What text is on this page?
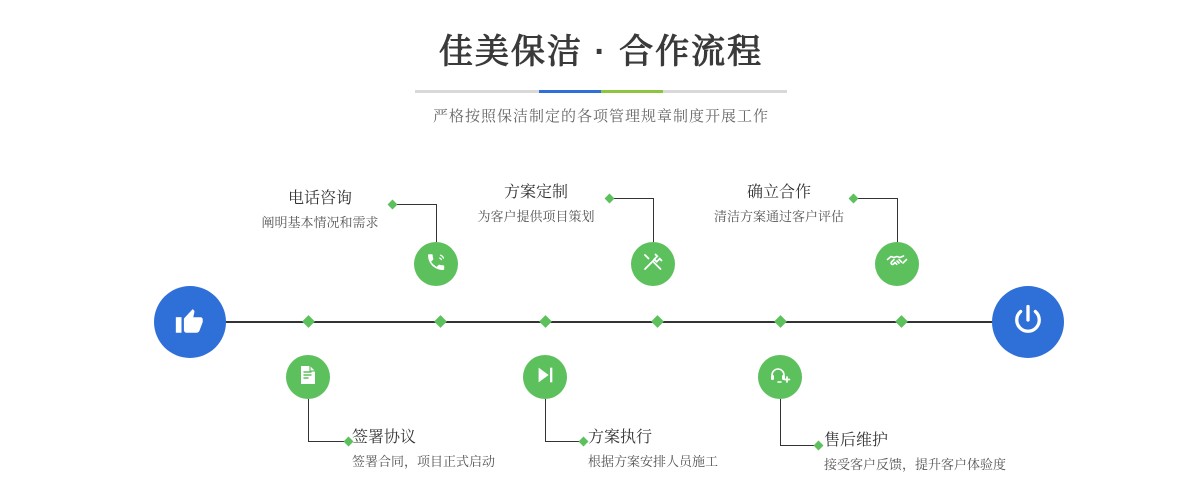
佳美保洁 · 合作流程
严格按照保洁制定的各项管理规章制度开展工作
电话咨询
阐明基本情况和需求
签署协议
签署合同，项目正式启动
方案定制
为客户提供项目策划
方案执行
根据方案安排人员施工
确立合作
清洁方案通过客户评估
售后维护
接受客户反馈，提升客户体验度
